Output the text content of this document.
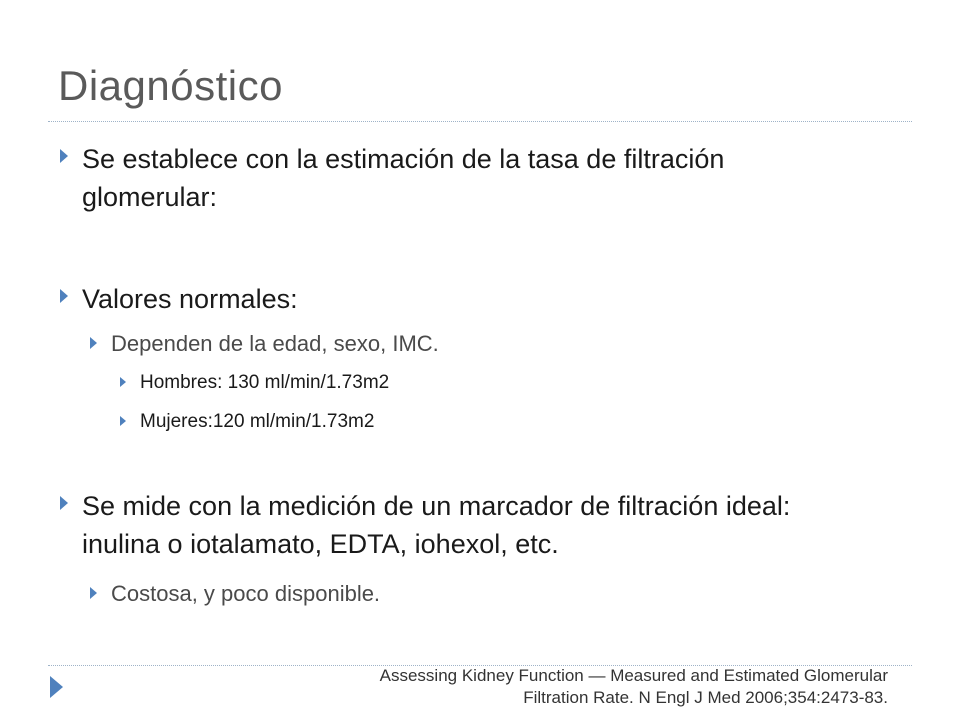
Diagnóstico
Se establece con la estimación de la tasa de filtración glomerular:
Valores normales:
Dependen de la edad, sexo, IMC.
Hombres: 130 ml/min/1.73m2
Mujeres:120 ml/min/1.73m2
Se mide con la medición de un marcador de filtración ideal: inulina o iotalamato, EDTA, iohexol, etc.
Costosa, y poco disponible.
Assessing Kidney Function — Measured and Estimated Glomerular
Filtration Rate. N Engl J Med 2006;354:2473-83.
